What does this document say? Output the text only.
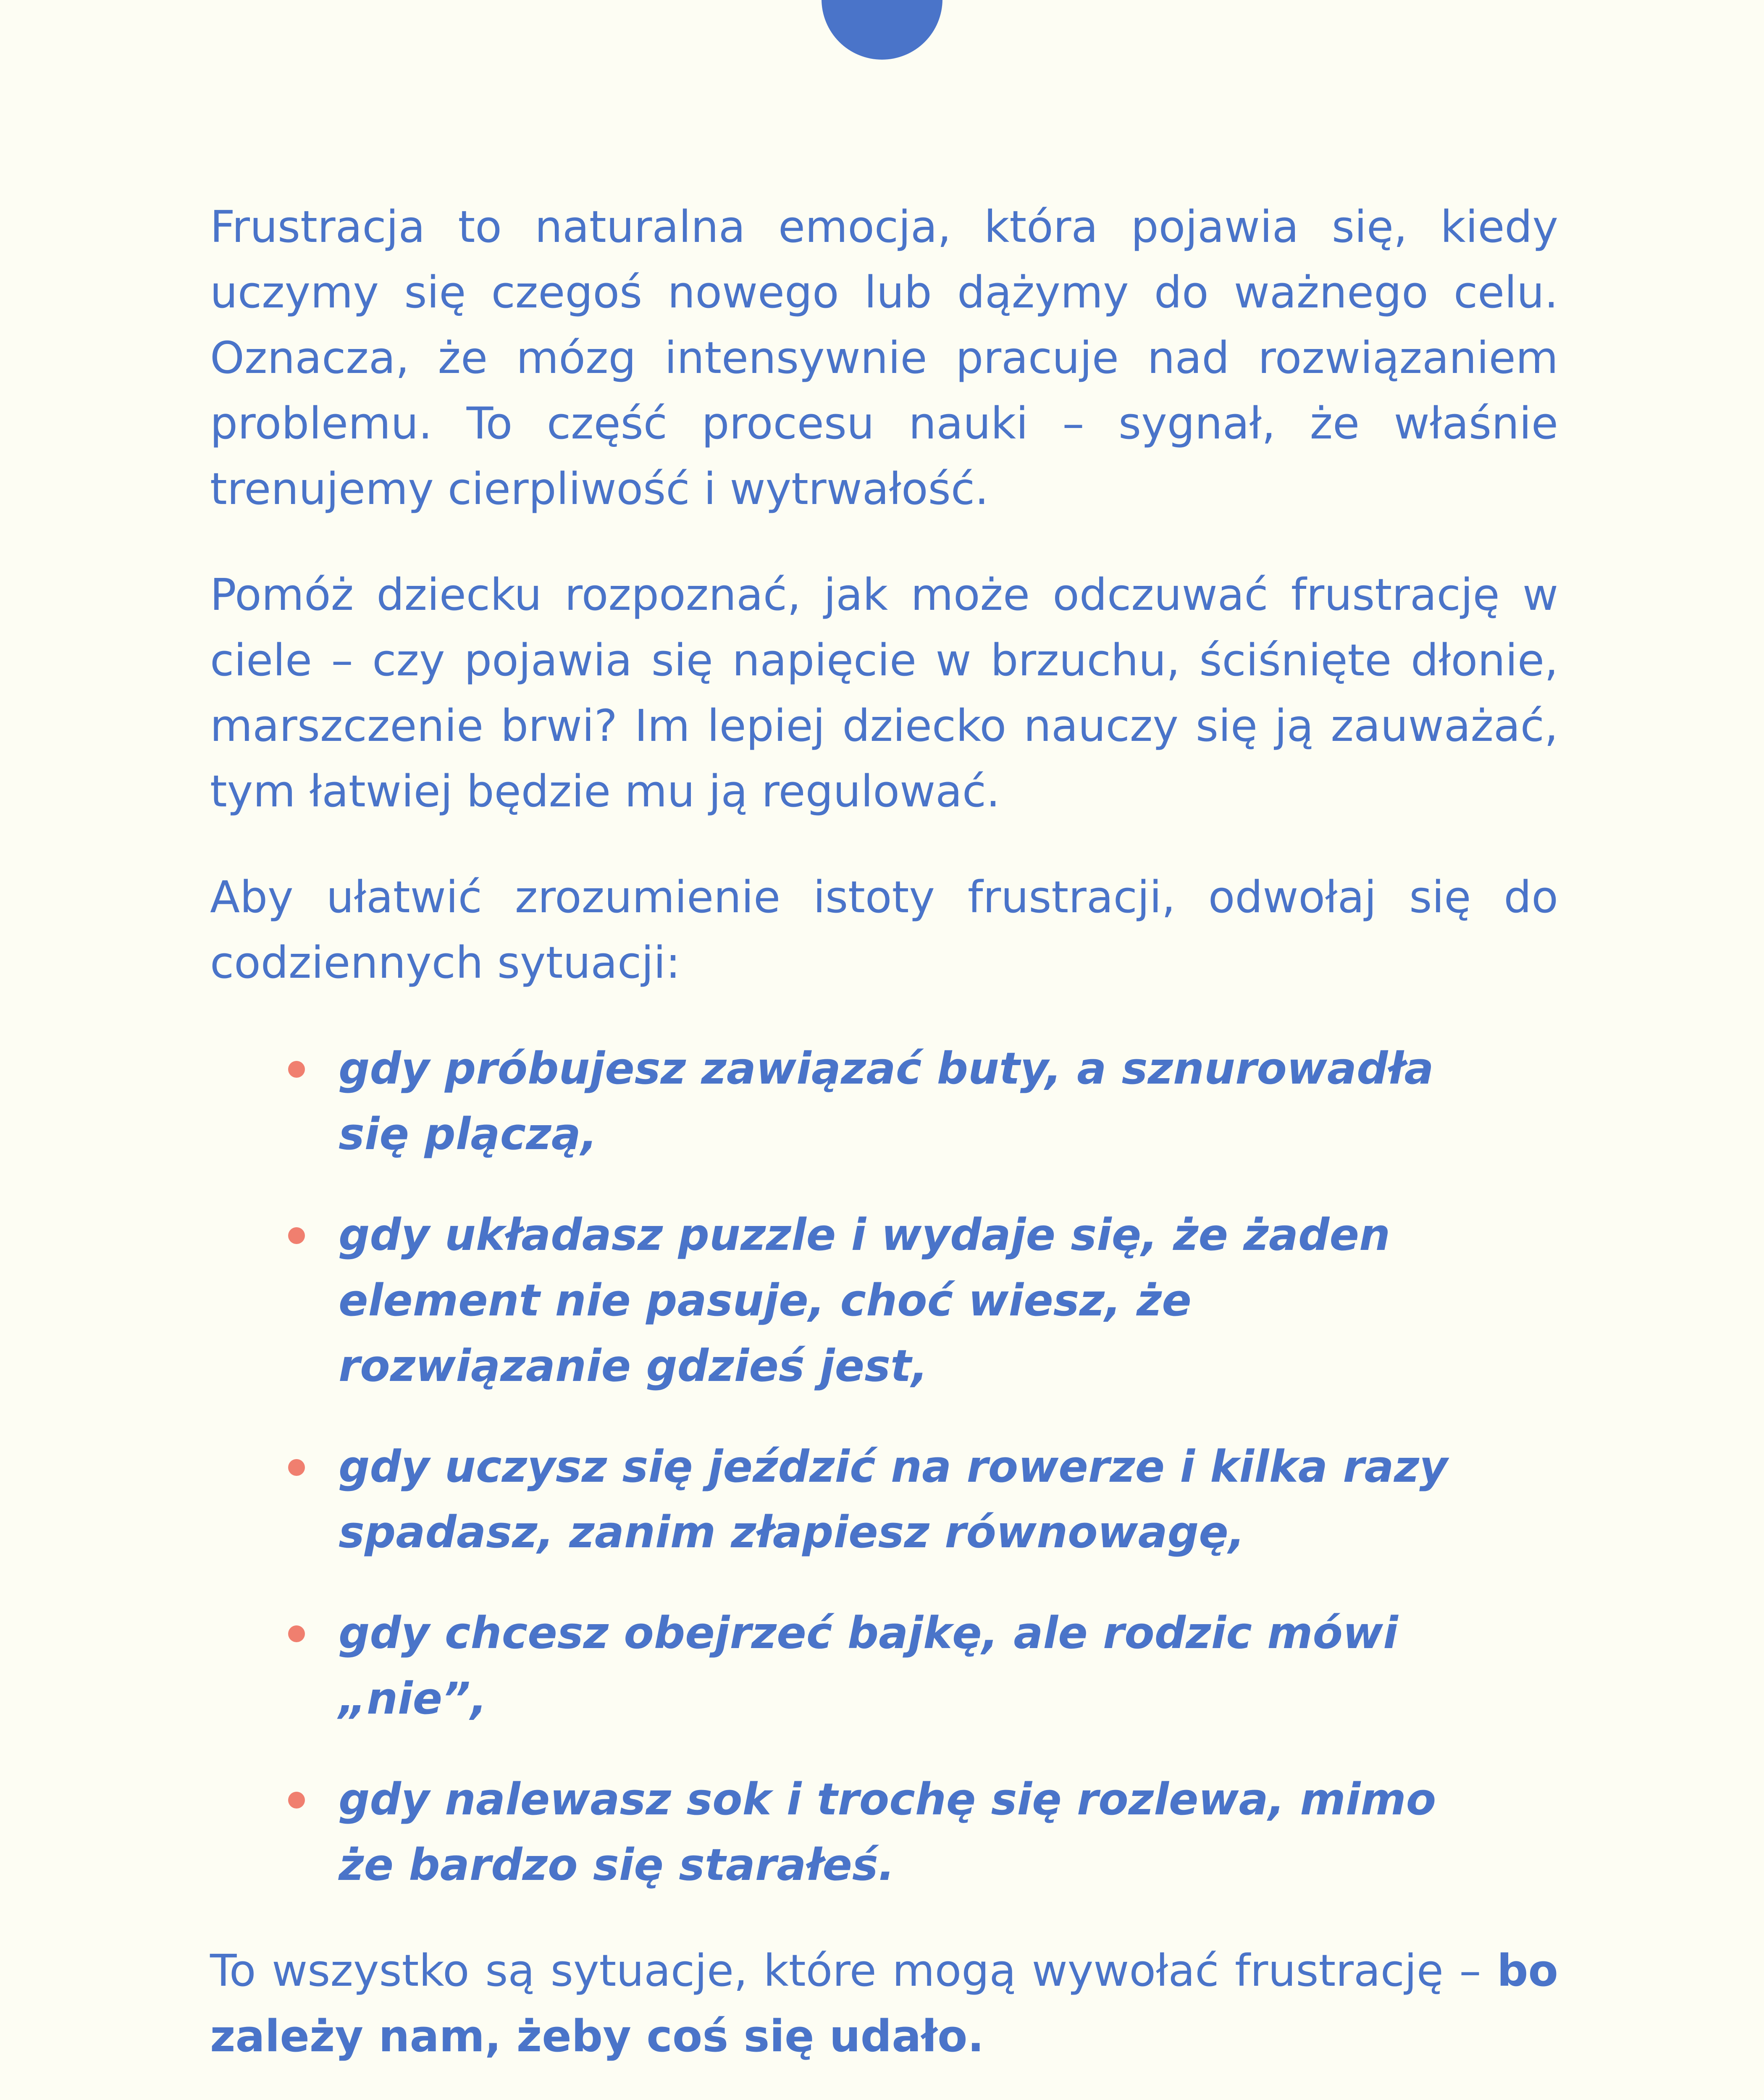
Frustracja to naturalna emocja, która pojawia się, kiedy uczymy się czegoś nowego lub dążymy do ważnego celu. Oznacza, że mózg intensywnie pracuje nad rozwiązaniem problemu. To część procesu nauki – sygnał, że właśnie trenujemy cierpliwość i wytrwałość.

Pomóż dziecku rozpoznać, jak może odczuwać frustrację w ciele – czy pojawia się napięcie w brzuchu, ściśnięte dłonie, marszczenie brwi? Im lepiej dziecko nauczy się ją zauważać, tym łatwiej będzie mu ją regulować.

Aby ułatwić zrozumienie istoty frustracji, odwołaj się do codziennych sytuacji:

gdy próbujesz zawiązać buty, a sznurowadła się plączą,
gdy układasz puzzle i wydaje się, że żaden element nie pasuje, choć wiesz, że rozwiązanie gdzieś jest,
gdy uczysz się jeździć na rowerze i kilka razy spadasz, zanim złapiesz równowagę,
gdy chcesz obejrzeć bajkę, ale rodzic mówi „nie”,
gdy nalewasz sok i trochę się rozlewa, mimo że bardzo się starałeś.

To wszystko są sytuacje, które mogą wywołać frustrację – bo zależy nam, żeby coś się udało.
